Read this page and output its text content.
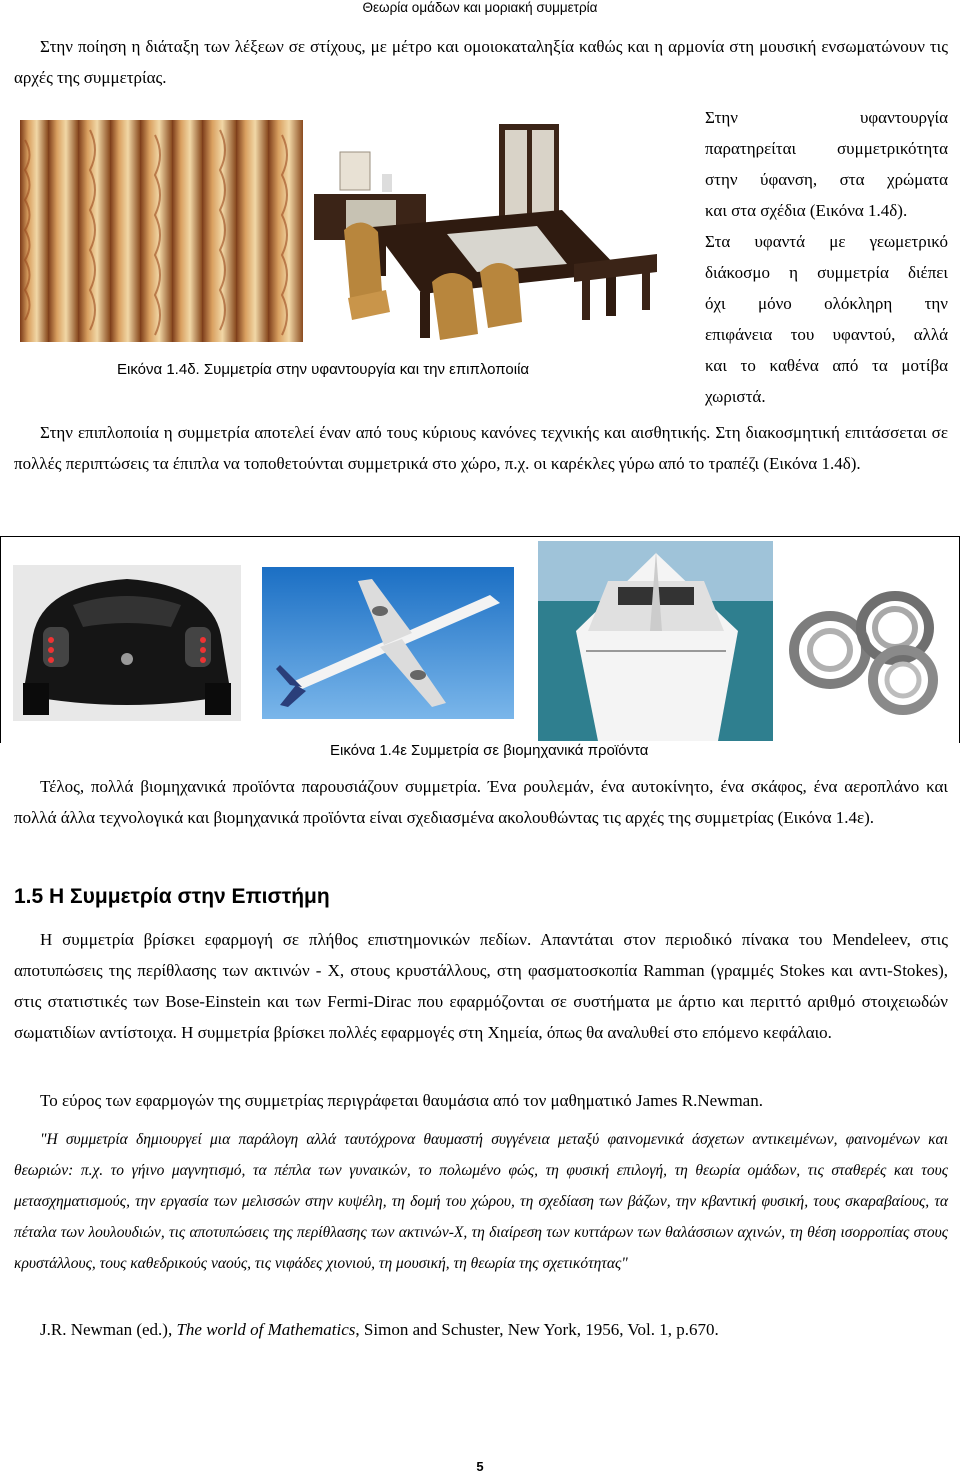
Θεωρία ομάδων και μοριακή συμμετρία
Στην ποίηση η διάταξη των λέξεων σε στίχους, με μέτρο και ομοιοκαταληξία καθώς και η αρμονία στη μουσική ενσωματώνουν τις αρχές της συμμετρίας.
Εικόνα 1.4δ. Συμμετρία στην υφαντουργία και την επιπλοποιία
Στην υφαντουργία
παρατηρείται συμμετρικότητα
στην ύφανση, στα χρώματα
και στα σχέδια (Εικόνα 1.4δ).
Στα υφαντά με γεωμετρικό
διάκοσμο η συμμετρία διέπει
όχι μόνο ολόκληρη την
επιφάνεια του υφαντού, αλλά
και το καθένα από τα μοτίβα
χωριστά.
Στην επιπλοποιία η συμμετρία αποτελεί έναν από τους κύριους κανόνες τεχνικής και αισθητικής. Στη διακοσμητική επιτάσσεται σε πολλές περιπτώσεις τα έπιπλα να τοποθετούνται συμμετρικά στο χώρο, π.χ. οι καρέκλες γύρω από το τραπέζι (Εικόνα 1.4δ).
Εικόνα 1.4ε Συμμετρία σε βιομηχανικά προϊόντα
Τέλος, πολλά βιομηχανικά προϊόντα παρουσιάζουν συμμετρία. Ένα ρουλεμάν, ένα αυτοκίνητο, ένα σκάφος, ένα αεροπλάνο και πολλά άλλα τεχνολογικά και βιομηχανικά προϊόντα είναι σχεδιασμένα ακολουθώντας τις αρχές της συμμετρίας (Εικόνα 1.4ε).
1.5 Η Συμμετρία στην Επιστήμη
Η συμμετρία βρίσκει εφαρμογή σε πλήθος επιστημονικών πεδίων. Απαντάται στον περιοδικό πίνακα του Mendeleev, στις αποτυπώσεις της περίθλασης των ακτινών - X, στους κρυστάλλους, στη φασματοσκοπία Ramman (γραμμές Stokes και αντι-Stokes), στις στατιστικές των Bose-Einstein και των Fermi-Dirac που εφαρμόζονται σε συστήματα με άρτιο και περιττό αριθμό στοιχειωδών σωματιδίων αντίστοιχα. Η συμμετρία βρίσκει πολλές εφαρμογές στη Χημεία, όπως θα αναλυθεί στο επόμενο κεφάλαιο.
Το εύρος των εφαρμογών της συμμετρίας περιγράφεται θαυμάσια από τον μαθηματικό James R.Newman.
"Η συμμετρία δημιουργεί μια παράλογη αλλά ταυτόχρονα θαυμαστή συγγένεια μεταξύ φαινομενικά άσχετων αντικειμένων, φαινομένων και θεωριών: π.χ. το γήινο μαγνητισμό, τα πέπλα των γυναικών, το πολωμένο φώς, τη φυσική επιλογή, τη θεωρία ομάδων, τις σταθερές και τους μετασχηματισμούς, την εργασία των μελισσών στην κυψέλη, τη δομή του χώρου, τη σχεδίαση των βάζων, την κβαντική φυσική, τους σκαραβαίους, τα πέταλα των λουλουδιών, τις αποτυπώσεις της περίθλασης των ακτινών-Χ, τη διαίρεση των κυττάρων των θαλάσσιων αχινών, τη θέση ισορροπίας στους κρυστάλλους, τους καθεδρικούς ναούς, τις νιφάδες χιονιού, τη μουσική, τη θεωρία της σχετικότητας"
J.R. Newman (ed.), The world of Mathematics, Simon and Schuster, New York, 1956, Vol. 1, p.670.
5
